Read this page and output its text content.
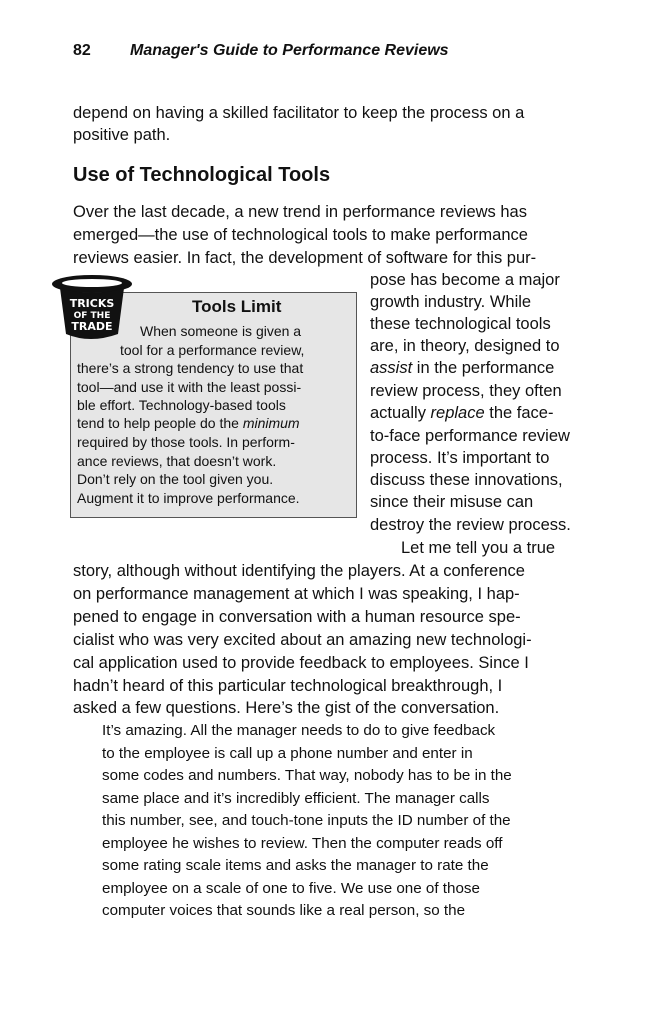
82 Manager's Guide to Performance Reviews
Use of Technological Tools
TRICKS
OF THE
TRADE
Tools Limit
depend on having a skilled facilitator to keep the process on a
positive path.
Over the last decade, a new trend in performance reviews has
emerged—the use of technological tools to make performance
reviews easier. In fact, the development of software for this pur-
pose has become a major
growth industry. While
these technological tools
are, in theory, designed to
assist in the performance
review process, they often
actually replace the face-
to-face performance review
process. It’s important to
discuss these innovations,
since their misuse can
destroy the review process.
Let me tell you a true
story, although without identifying the players. At a conference
on performance management at which I was speaking, I hap-
pened to engage in conversation with a human resource spe-
cialist who was very excited about an amazing new technologi-
cal application used to provide feedback to employees. Since I
hadn’t heard of this particular technological breakthrough, I
asked a few questions. Here’s the gist of the conversation.
It’s amazing. All the manager needs to do to give feedback
to the employee is call up a phone number and enter in
some codes and numbers. That way, nobody has to be in the
same place and it’s incredibly efficient. The manager calls
this number, see, and touch-tone inputs the ID number of the
employee he wishes to review. Then the computer reads off
some rating scale items and asks the manager to rate the
employee on a scale of one to five. We use one of those
computer voices that sounds like a real person, so the
When someone is given a
tool for a performance review,
there’s a strong tendency to use that
tool—and use it with the least possi-
ble effort. Technology-based tools
tend to help people do the minimum
required by those tools. In perform-
ance reviews, that doesn’t work.
Don’t rely on the tool given you.
Augment it to improve performance.
